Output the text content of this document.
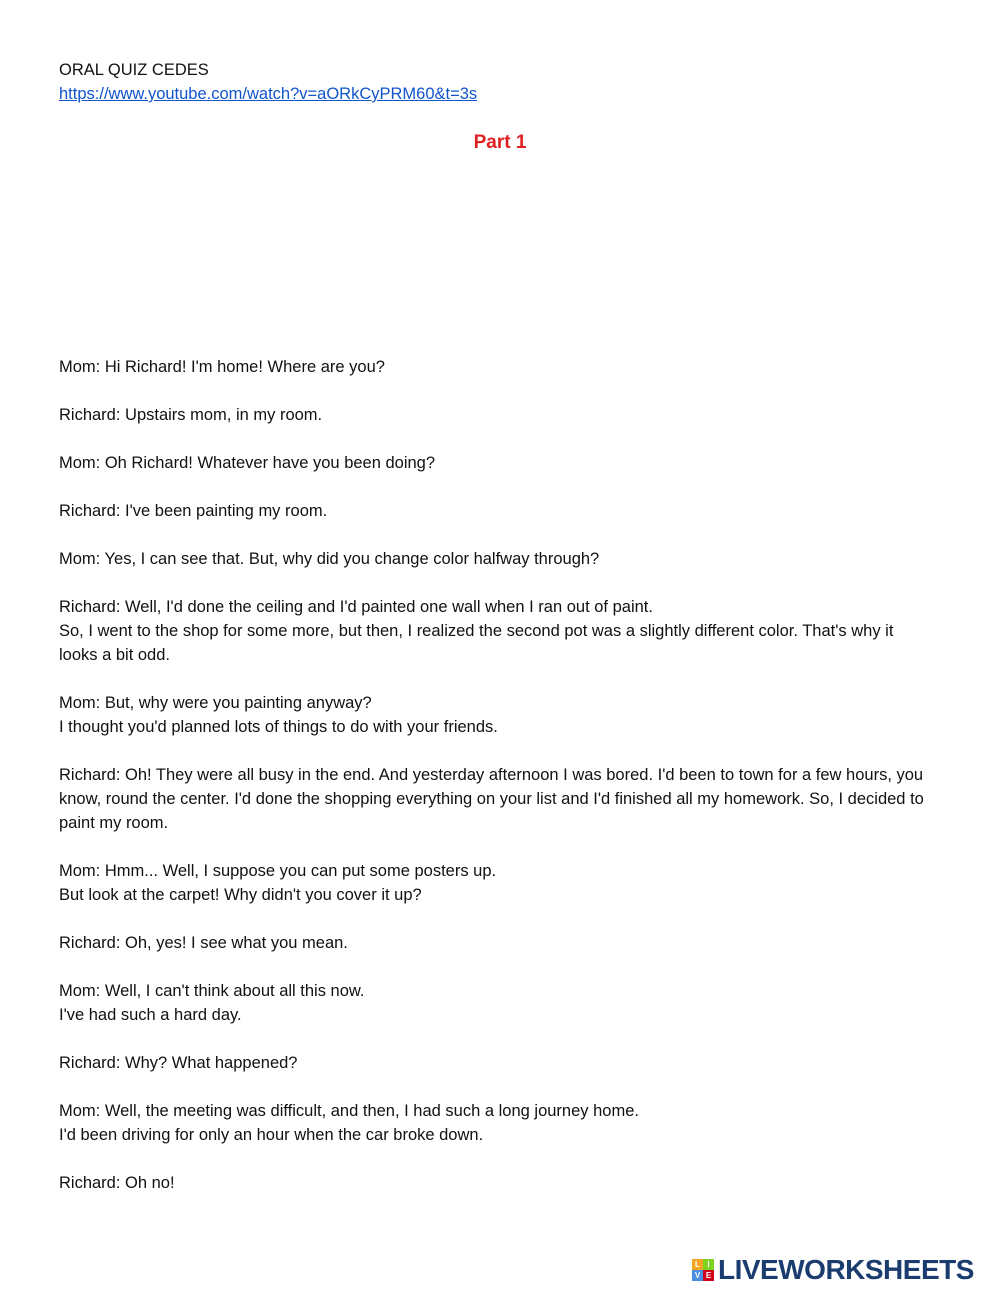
ORAL QUIZ CEDES
https://www.youtube.com/watch?v=aORkCyPRM60&t=3s
Part 1
Mom: Hi Richard! I'm home! Where are you?
Richard: Upstairs mom, in my room.
Mom: Oh Richard! Whatever have you been doing?
Richard: I've been painting my room.
Mom: Yes, I can see that. But, why did you change color halfway through?
Richard: Well, I'd done the ceiling and I'd painted one wall when I ran out of paint.
So, I went to the shop for some more, but then, I realized the second pot was a slightly different color. That's why it looks a bit odd.
Mom: But, why were you painting anyway?
I thought you'd planned lots of things to do with your friends.
Richard: Oh! They were all busy in the end. And yesterday afternoon I was bored. I'd been to town for a few hours, you know, round the center. I'd done the shopping everything on your list and I'd finished all my homework. So, I decided to paint my room.
Mom: Hmm... Well, I suppose you can put some posters up.
But look at the carpet! Why didn't you cover it up?
Richard: Oh, yes! I see what you mean.
Mom: Well, I can't think about all this now.
I've had such a hard day.
Richard: Why? What happened?
Mom: Well, the meeting was difficult, and then, I had such a long journey home.
I'd been driving for only an hour when the car broke down.
Richard: Oh no!
L I
V E LIVEWORKSHEETS
